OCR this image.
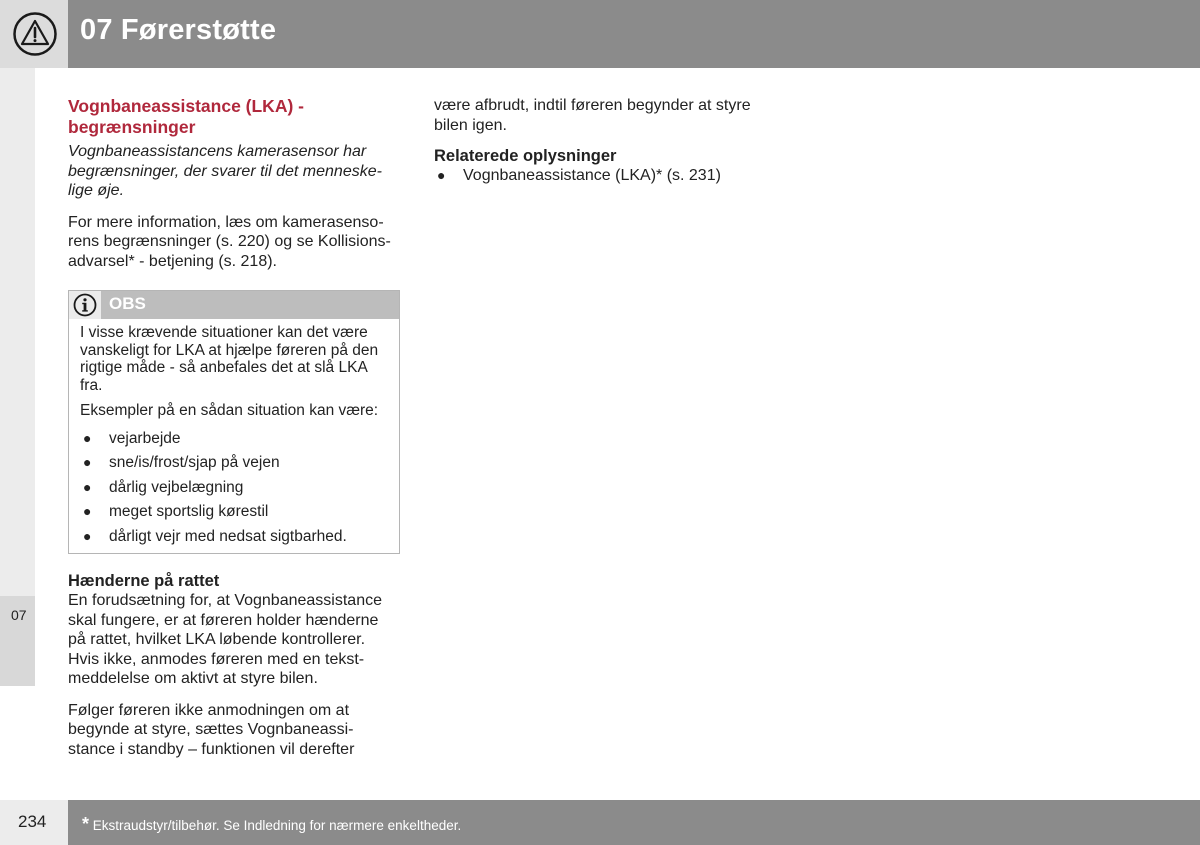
07 Førerstøtte
07
Vognbaneassistance (LKA) - begrænsninger

Vognbaneassistancens kamerasensor har begrænsninger, der svarer til det menneske-lige øje.

For mere information, læs om kamerasenso-rens begrænsninger (s. 220) og se Kollisions-advarsel* - betjening (s. 218).

OBS

I visse krævende situationer kan det være vanskeligt for LKA at hjælpe føreren på den rigtige måde - så anbefales det at slå LKA fra.

Eksempler på en sådan situation kan være:

● vejarbejde
● sne/is/frost/sjap på vejen
● dårlig vejbelægning
● meget sportslig kørestil
● dårligt vejr med nedsat sigtbarhed.
Hænderne på rattet

En forudsætning for, at Vognbaneassistance skal fungere, er at føreren holder hænderne på rattet, hvilket LKA løbende kontrollerer. Hvis ikke, anmodes føreren med en tekst-meddelelse om aktivt at styre bilen.

Følger føreren ikke anmodningen om at begynde at styre, sættes Vognbaneassi-stance i standby – funktionen vil derefter

være afbrudt, indtil føreren begynder at styre bilen igen.

Relaterede oplysninger
● Vognbaneassistance (LKA)* (s. 231)
234 * Ekstraudstyr/tilbehør. Se Indledning for nærmere enkeltheder.
